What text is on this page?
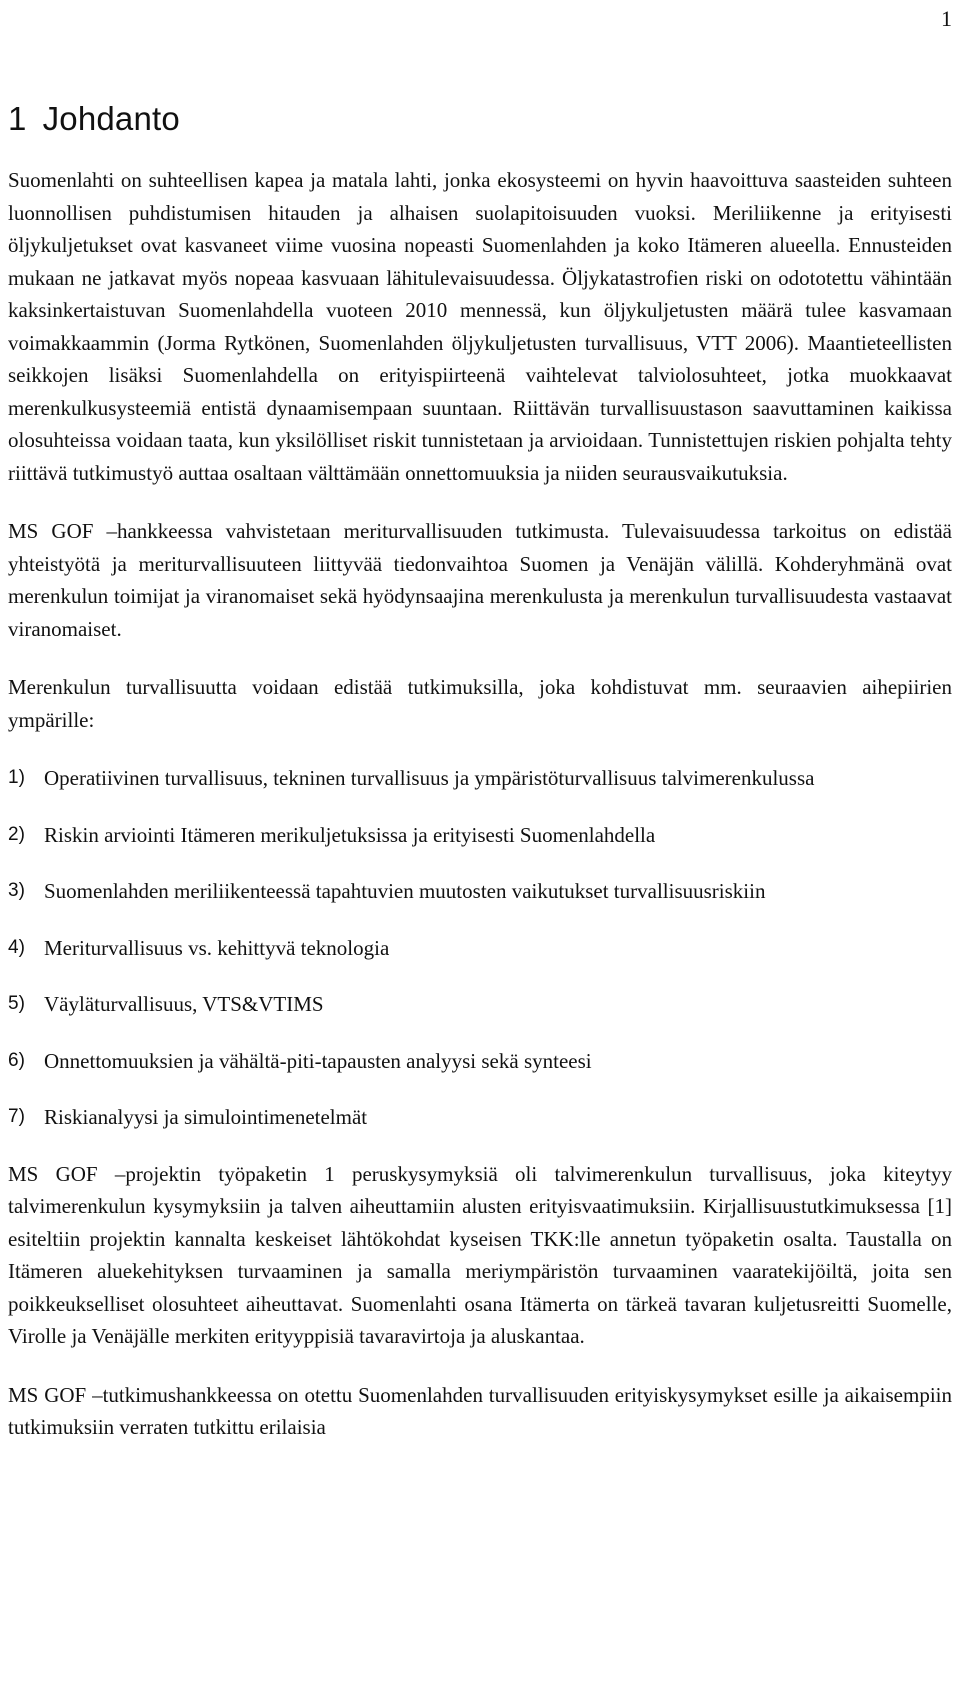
1
1 Johdanto

Suomenlahti on suhteellisen kapea ja matala lahti, jonka ekosysteemi on hyvin haavoittuva saasteiden suhteen luonnollisen puhdistumisen hitauden ja alhaisen suolapitoisuuden vuoksi. Meriliikenne ja erityisesti öljykuljetukset ovat kasvaneet viime vuosina nopeasti Suomenlahden ja koko Itämeren alueella. Ennusteiden mukaan ne jatkavat myös nopeaa kasvuaan lähitulevaisuudessa. Öljykatastrofien riski on odototettu vähintään kaksinkertaistuvan Suomenlahdella vuoteen 2010 mennessä, kun öljykuljetusten määrä tulee kasvamaan voimakkaammin (Jorma Rytkönen, Suomenlahden öljykuljetusten turvallisuus, VTT 2006). Maantieteellisten seikkojen lisäksi Suomenlahdella on erityispiirteenä vaihtelevat talviolosuhteet, jotka muokkaavat merenkulkusysteemiä entistä dynaamisempaan suuntaan. Riittävän turvallisuustason saavuttaminen kaikissa olosuhteissa voidaan taata, kun yksilölliset riskit tunnistetaan ja arvioidaan. Tunnistettujen riskien pohjalta tehty riittävä tutkimustyö auttaa osaltaan välttämään onnettomuuksia ja niiden seurausvaikutuksia.

MS GOF –hankkeessa vahvistetaan meriturvallisuuden tutkimusta. Tulevaisuudessa tarkoitus on edistää yhteistyötä ja meriturvallisuuteen liittyvää tiedonvaihtoa Suomen ja Venäjän välillä. Kohderyhmänä ovat merenkulun toimijat ja viranomaiset sekä hyödynsaajina merenkulusta ja merenkulun turvallisuudesta vastaavat viranomaiset.

Merenkulun turvallisuutta voidaan edistää tutkimuksilla, joka kohdistuvat mm. seuraavien aihepiirien ympärille:

1) Operatiivinen turvallisuus, tekninen turvallisuus ja ympäristöturvallisuus talvimerenkulussa
2) Riskin arviointi Itämeren merikuljetuksissa ja erityisesti Suomenlahdella
3) Suomenlahden meriliikenteessä tapahtuvien muutosten vaikutukset turvallisuusriskiin
4) Meriturvallisuus vs. kehittyvä teknologia
5) Väyläturvallisuus, VTS&VTIMS
6) Onnettomuuksien ja vähältä-piti-tapausten analyysi sekä synteesi
7) Riskianalyysi ja simulointimenetelmät

MS GOF –projektin työpaketin 1 peruskysymyksiä oli talvimerenkulun turvallisuus, joka kiteytyy talvimerenkulun kysymyksiin ja talven aiheuttamiin alusten erityisvaatimuksiin. Kirjallisuustutkimuksessa [1] esiteltiin projektin kannalta keskeiset lähtökohdat kyseisen TKK:lle annetun työpaketin osalta. Taustalla on Itämeren aluekehityksen turvaaminen ja samalla meriympäristön turvaaminen vaaratekijöiltä, joita sen poikkeukselliset olosuhteet aiheuttavat. Suomenlahti osana Itämerta on tärkeä tavaran kuljetusreitti Suomelle, Virolle ja Venäjälle merkiten erityyppisiä tavaravirtoja ja aluskantaa.

MS GOF –tutkimushankkeessa on otettu Suomenlahden turvallisuuden erityiskysymykset esille ja aikaisempiin tutkimuksiin verraten tutkittu erilaisia
